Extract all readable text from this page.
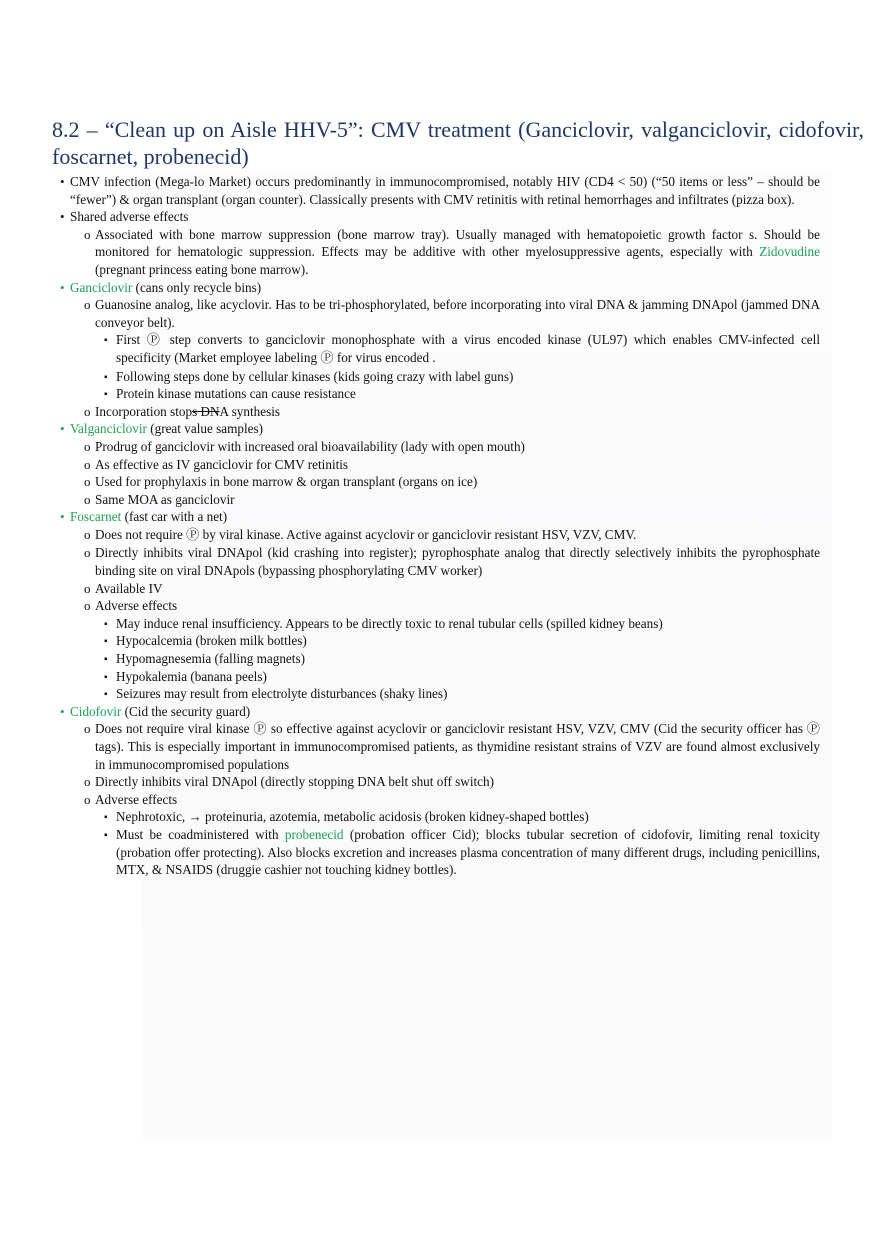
8.2 – “Clean up on Aisle HHV-5”: CMV treatment (Ganciclovir, valganciclovir, cidofovir, foscarnet, probenecid)
• CMV infection (Mega-lo Market) occurs predominantly in immunocompromised, notably HIV (CD4 < 50) (“50 items or less” – should be “fewer”) & organ transplant (organ counter). Classically presents with CMV retinitis with retinal hemorrhages and infiltrates (pizza box).
• Shared adverse effects
o Associated with bone marrow suppression (bone marrow tray). Usually managed with hematopoietic growth factor s. Should be monitored for hematologic suppression. Effects may be additive with other myelosuppressive agents, especially with Zidovudine (pregnant princess eating bone marrow).
• Ganciclovir (cans only recycle bins)
o Guanosine analog, like acyclovir. Has to be tri-phosphorylated, before incorporating into viral DNA & jamming DNApol (jammed DNA conveyor belt).
▪ First Ⓟ step converts to ganciclovir monophosphate with a virus encoded kinase (UL97) which enables CMV-infected cell specificity (Market employee labeling Ⓟ for virus encoded .
▪ Following steps done by cellular kinases (kids going crazy with label guns)
▪ Protein kinase mutations can cause resistance
o Incorporation stops DNA synthesis
• Valganciclovir (great value samples)
o Prodrug of ganciclovir with increased oral bioavailability (lady with open mouth)
o As effective as IV ganciclovir for CMV retinitis
o Used for prophylaxis in bone marrow & organ transplant (organs on ice)
o Same MOA as ganciclovir
• Foscarnet (fast car with a net)
o Does not require Ⓟ by viral kinase. Active against acyclovir or ganciclovir resistant HSV, VZV, CMV.
o Directly inhibits viral DNApol (kid crashing into register); pyrophosphate analog that directly selectively inhibits the pyrophosphate binding site on viral DNApols (bypassing phosphorylating CMV worker)
o Available IV
o Adverse effects
▪ May induce renal insufficiency. Appears to be directly toxic to renal tubular cells (spilled kidney beans)
▪ Hypocalcemia (broken milk bottles)
▪ Hypomagnesemia (falling magnets)
▪ Hypokalemia (banana peels)
▪ Seizures may result from electrolyte disturbances (shaky lines)
• Cidofovir (Cid the security guard)
o Does not require viral kinase Ⓟ so effective against acyclovir or ganciclovir resistant HSV, VZV, CMV (Cid the security officer has Ⓟ tags). This is especially important in immunocompromised patients, as thymidine resistant strains of VZV are found almost exclusively in immunocompromised populations
o Directly inhibits viral DNApol (directly stopping DNA belt shut off switch)
o Adverse effects
▪ Nephrotoxic, → proteinuria, azotemia, metabolic acidosis (broken kidney-shaped bottles)
▪ Must be coadministered with probenecid (probation officer Cid); blocks tubular secretion of cidofovir, limiting renal toxicity (probation offer protecting). Also blocks excretion and increases plasma concentration of many different drugs, including penicillins, MTX, & NSAIDS (druggie cashier not touching kidney bottles).
